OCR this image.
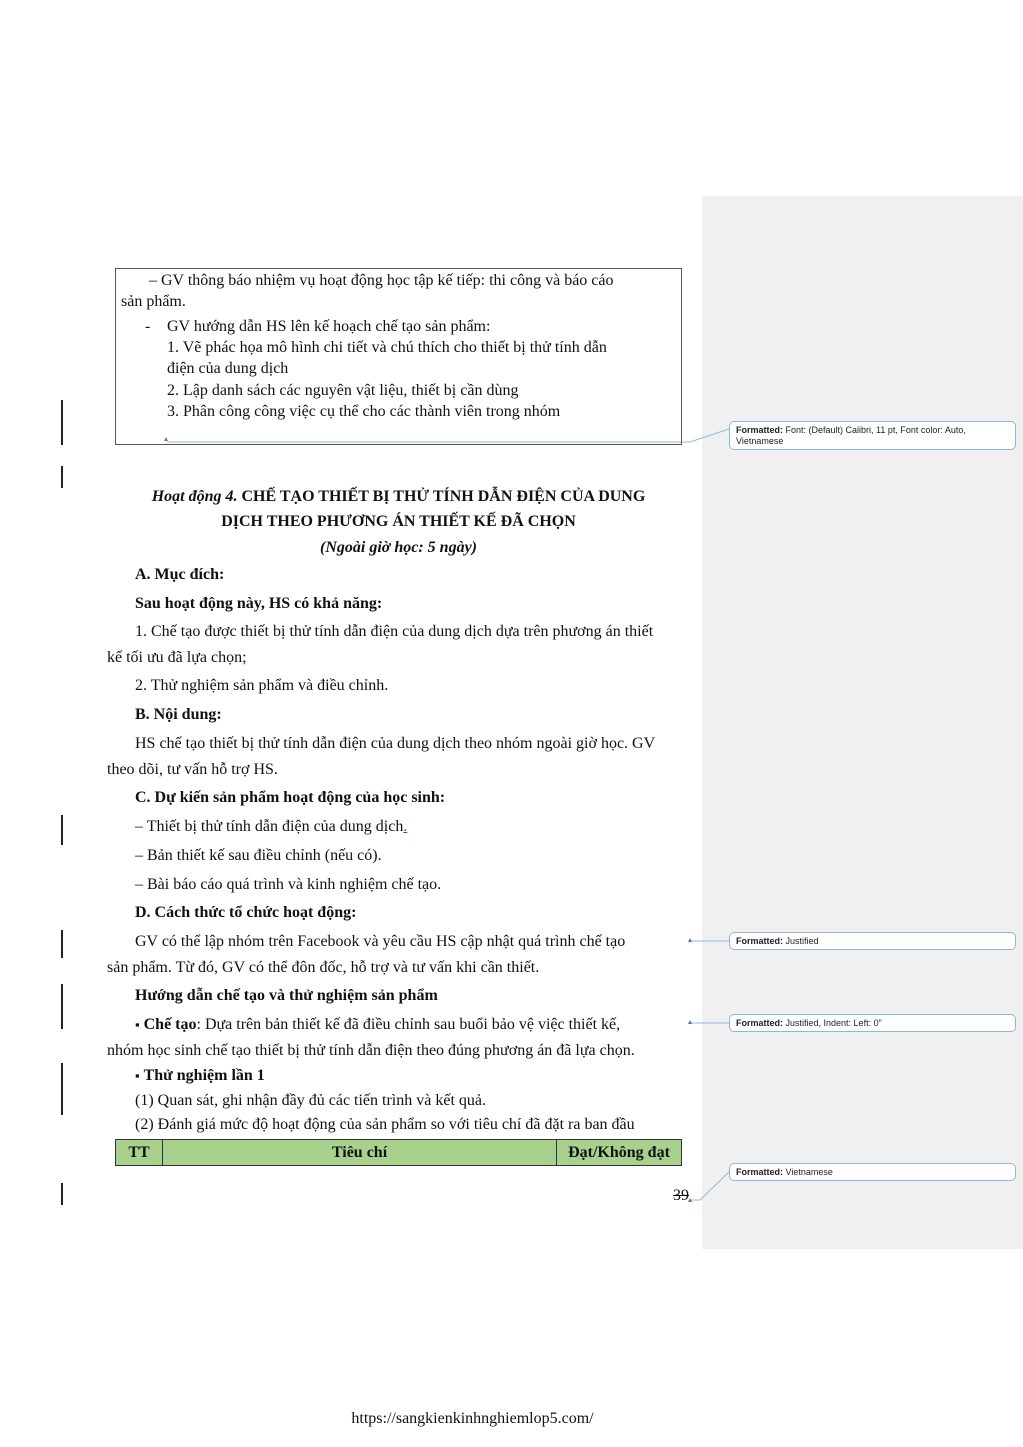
Formatted: Font: (Default) Calibri, 11 pt, Font color: Auto,
Vietnamese
Formatted: Justified
Formatted: Justified, Indent: Left: 0"
Formatted: Vietnamese
– GV thông báo nhiệm vụ hoạt động học tập kế tiếp: thi công và báo cáo
sản phẩm.
- GV hướng dẫn HS lên kế hoạch chế tạo sản phẩm:
1. Vẽ phác họa mô hình chi tiết và chú thích cho thiết bị thử tính dẫn
điện của dung dịch
2. Lập danh sách các nguyên vật liệu, thiết bị cần dùng
3. Phân công công việc cụ thể cho các thành viên trong nhóm
Hoạt động 4. CHẾ TẠO THIẾT BỊ THỬ TÍNH DẪN ĐIỆN CỦA DUNG
DỊCH THEO PHƯƠNG ÁN THIẾT KẾ ĐÃ CHỌN
(Ngoài giờ học: 5 ngày)
A. Mục đích:
Sau hoạt động này, HS có khả năng:
1. Chế tạo được thiết bị thử tính dẫn điện của dung dịch dựa trên phương án thiết
kế tối ưu đã lựa chọn;
2. Thử nghiệm sản phẩm và điều chỉnh.
B. Nội dung:
HS chế tạo thiết bị thử tính dẫn điện của dung dịch theo nhóm ngoài giờ học. GV
theo dõi, tư vấn hỗ trợ HS.
C. Dự kiến sản phẩm hoạt động của học sinh:
– Thiết bị thử tính dẫn điện của dung dịch.
– Bản thiết kế sau điều chỉnh (nếu có).
– Bài báo cáo quá trình và kinh nghiệm chế tạo.
D. Cách thức tổ chức hoạt động:
GV có thể lập nhóm trên Facebook và yêu cầu HS cập nhật quá trình chế tạo
sản phẩm. Từ đó, GV có thể đôn đốc, hỗ trợ và tư vấn khi cần thiết.
Hướng dẫn chế tạo và thử nghiệm sản phẩm
▪ Chế tạo: Dựa trên bản thiết kế đã điều chỉnh sau buổi bảo vệ việc thiết kế,
nhóm học sinh chế tạo thiết bị thử tính dẫn điện theo đúng phương án đã lựa chọn.
▪ Thử nghiệm lần 1
(1) Quan sát, ghi nhận đầy đủ các tiến trình và kết quả.
(2) Đánh giá mức độ hoạt động của sản phẩm so với tiêu chí đã đặt ra ban đầu
TT	Tiêu chí	Đạt/Không đạt
39
https://sangkienkinhnghiemlop5.com/
